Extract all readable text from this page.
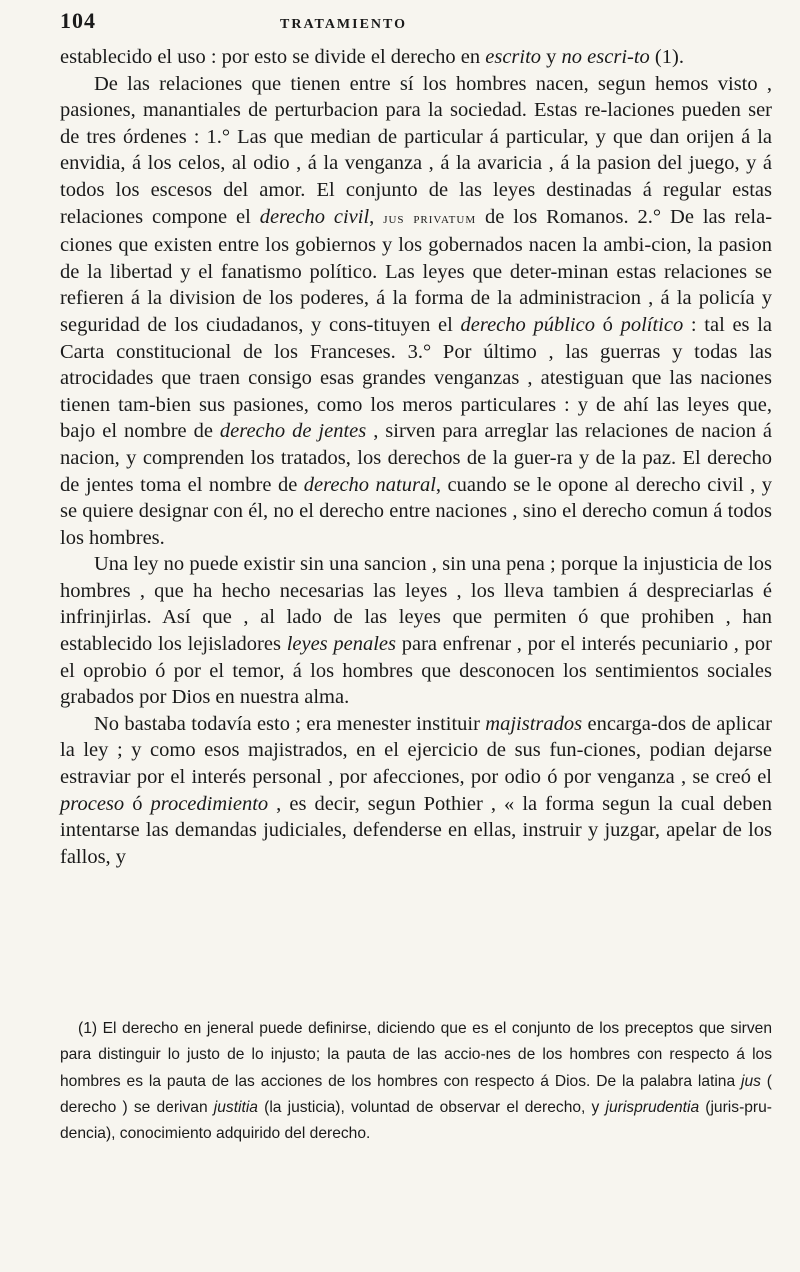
104	TRATAMIENTO

establecido el uso : por esto se divide el derecho en escrito y no escri-to (1).

De las relaciones que tienen entre sí los hombres nacen, segun hemos visto , pasiones, manantiales de perturbacion para la sociedad. Estas re-laciones pueden ser de tres órdenes : 1.° Las que median de particular á particular, y que dan orijen á la envidia, á los celos, al odio , á la venganza , á la avaricia , á la pasion del juego, y á todos los escesos del amor. El conjunto de las leyes destinadas á regular estas relaciones compone el derecho civil, jus privatum de los Romanos. 2.° De las rela-ciones que existen entre los gobiernos y los gobernados nacen la ambi-cion, la pasion de la libertad y el fanatismo político. Las leyes que deter-minan estas relaciones se refieren á la division de los poderes, á la forma de la administracion , á la policía y seguridad de los ciudadanos, y cons-tituyen el derecho público ó político : tal es la Carta constitucional de los Franceses. 3.° Por último , las guerras y todas las atrocidades que traen consigo esas grandes venganzas , atestiguan que las naciones tienen tam-bien sus pasiones, como los meros particulares : y de ahí las leyes que, bajo el nombre de derecho de jentes , sirven para arreglar las relaciones de nacion á nacion, y comprenden los tratados, los derechos de la guer-ra y de la paz. El derecho de jentes toma el nombre de derecho natural, cuando se le opone al derecho civil , y se quiere designar con él, no el derecho entre naciones , sino el derecho comun á todos los hombres.

Una ley no puede existir sin una sancion , sin una pena ; porque la injusticia de los hombres , que ha hecho necesarias las leyes , los lleva tambien á despreciarlas é infrinjirlas. Así que , al lado de las leyes que permiten ó que prohiben , han establecido los lejisladores leyes penales para enfrenar , por el interés pecuniario , por el oprobio ó por el temor, á los hombres que desconocen los sentimientos sociales grabados por Dios en nuestra alma.

No bastaba todavía esto ; era menester instituir majistrados encarga-dos de aplicar la ley ; y como esos majistrados, en el ejercicio de sus fun-ciones, podian dejarse estraviar por el interés personal , por afecciones, por odio ó por venganza , se creó el proceso ó procedimiento , es decir, segun Pothier , « la forma segun la cual deben intentarse las demandas judiciales, defenderse en ellas, instruir y juzgar, apelar de los fallos, y

(1) El derecho en jeneral puede definirse, diciendo que es el conjunto de los preceptos que sirven para distinguir lo justo de lo injusto; la pauta de las accio-nes de los hombres con respecto á los hombres es la pauta de las acciones de los hombres con respecto á Dios. De la palabra latina jus ( derecho ) se derivan justitia (la justicia), voluntad de observar el derecho, y jurisprudentia (juris-pru-dencia), conocimiento adquirido del derecho.
